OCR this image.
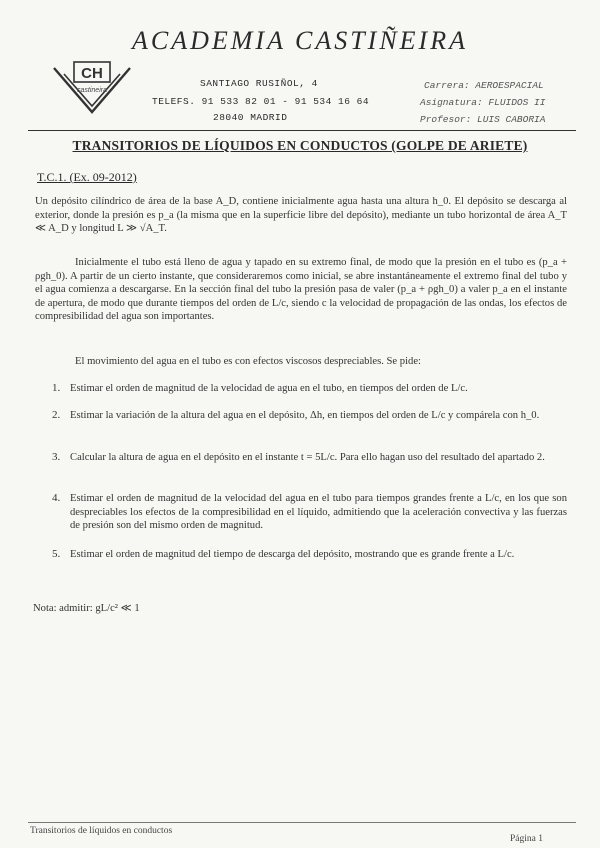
ACADEMIA CASTIÑEIRA
CH
castineira
SANTIAGO RUSIÑOL, 4
TELEFS. 91 533 82 01 - 91 534 16 64
28040 MADRID
Carrera: AEROESPACIAL
Asignatura: FLUIDOS II
Profesor: LUIS CABORIA
TRANSITORIOS DE LÍQUIDOS EN CONDUCTOS (GOLPE DE ARIETE)
T.C.1. (Ex. 09-2012)
Un depósito cilíndrico de área de la base A_D, contiene inicialmente agua hasta una altura h_0. El depósito se descarga al exterior, donde la presión es p_a (la misma que en la superficie libre del depósito), mediante un tubo horizontal de área A_T ≪ A_D y longitud L ≫ √A_T.
Inicialmente el tubo está lleno de agua y tapado en su extremo final, de modo que la presión en el tubo es (p_a + ρgh_0). A partir de un cierto instante, que consideraremos como inicial, se abre instantáneamente el extremo final del tubo y el agua comienza a descargarse. En la sección final del tubo la presión pasa de valer (p_a + ρgh_0) a valer p_a en el instante de apertura, de modo que durante tiempos del orden de L/c, siendo c la velocidad de propagación de las ondas, los efectos de compresibilidad del agua son importantes.
El movimiento del agua en el tubo es con efectos viscosos despreciables. Se pide:
1. Estimar el orden de magnitud de la velocidad de agua en el tubo, en tiempos del orden de L/c.
2. Estimar la variación de la altura del agua en el depósito, Δh, en tiempos del orden de L/c y compárela con h_0.
3. Calcular la altura de agua en el depósito en el instante t = 5L/c. Para ello hagan uso del resultado del apartado 2.
4. Estimar el orden de magnitud de la velocidad del agua en el tubo para tiempos grandes frente a L/c, en los que son despreciables los efectos de la compresibilidad en el líquido, admitiendo que la aceleración convectiva y las fuerzas de presión son del mismo orden de magnitud.
5. Estimar el orden de magnitud del tiempo de descarga del depósito, mostrando que es grande frente a L/c.
Nota: admitir: gL/c² ≪ 1
Transitorios de líquidos en conductos
Página 1
